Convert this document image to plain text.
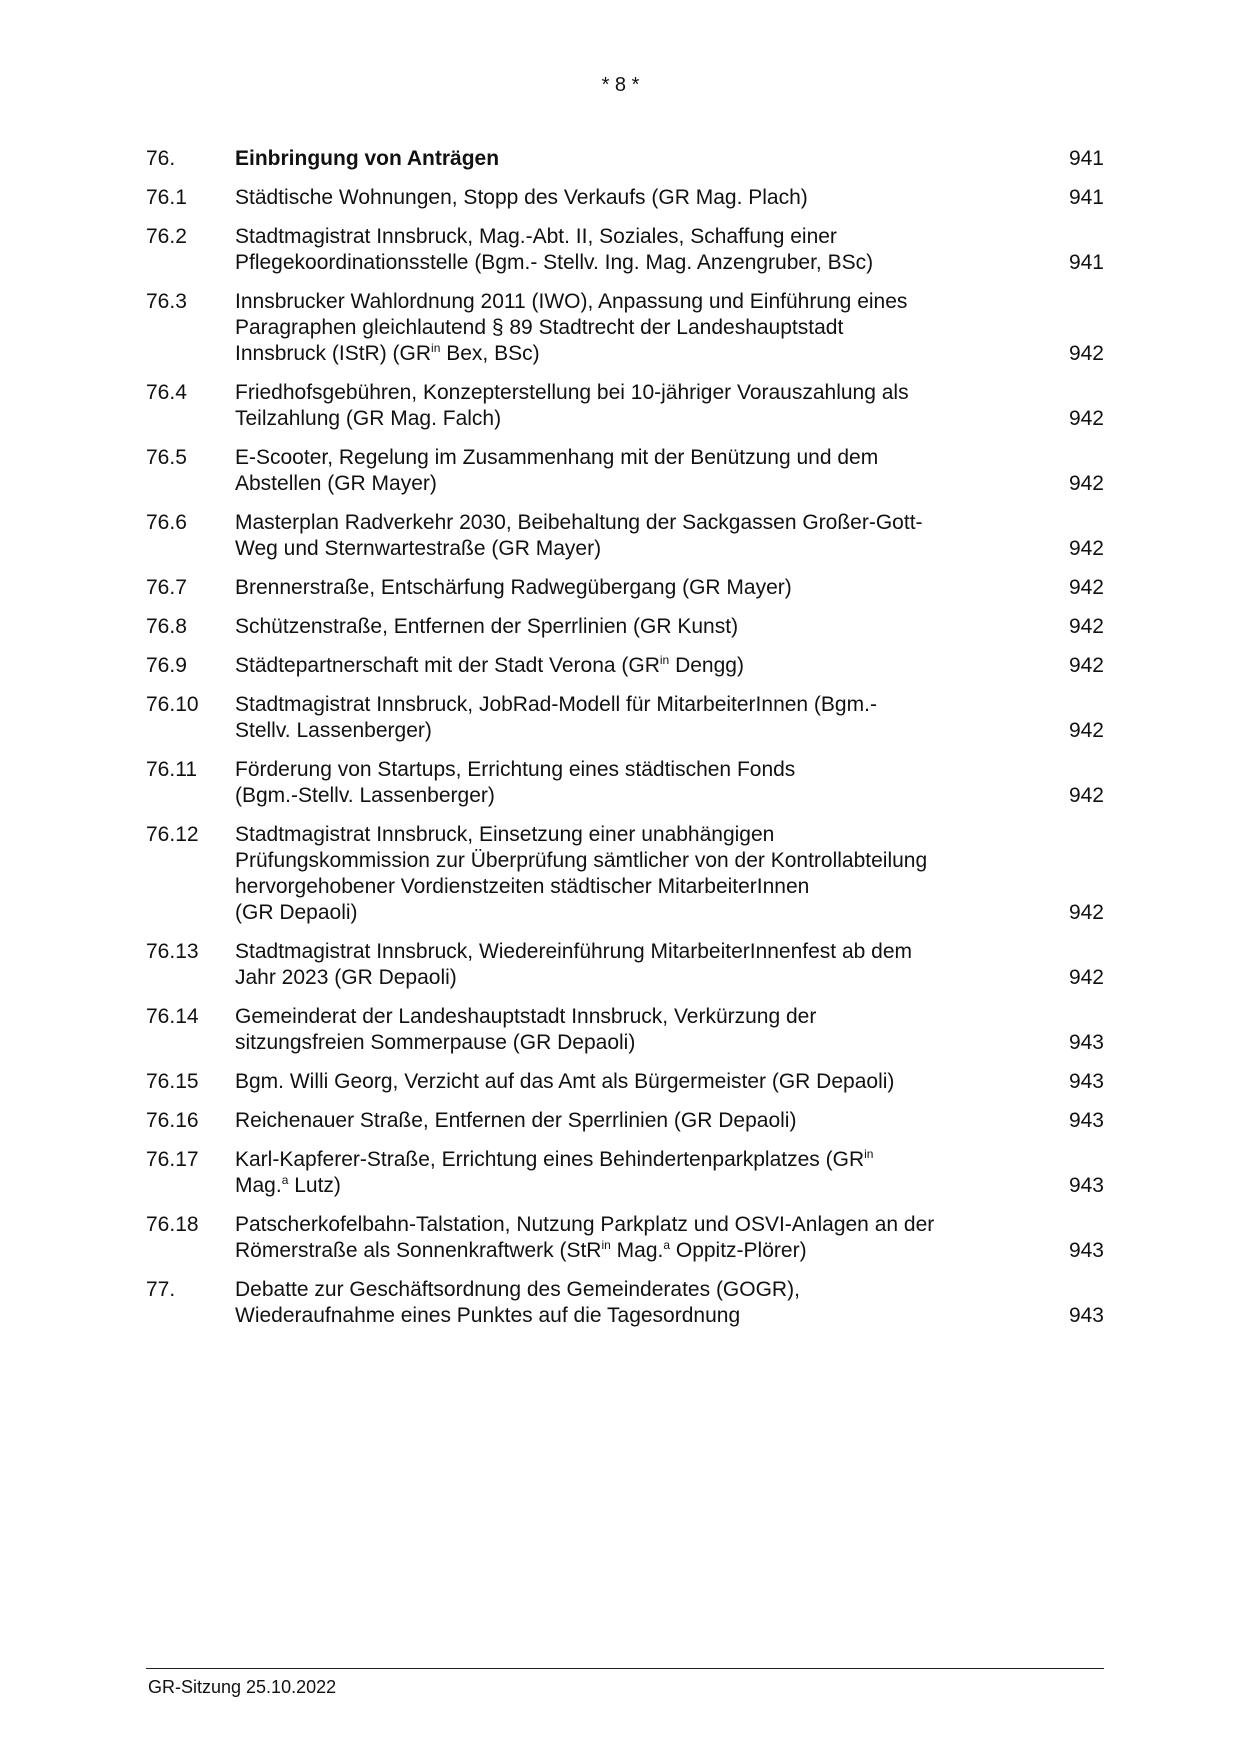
* 8 *
76.	Einbringung von Anträgen	941
76.1	Städtische Wohnungen, Stopp des Verkaufs (GR Mag. Plach)	941
76.2	Stadtmagistrat Innsbruck, Mag.-Abt. II, Soziales, Schaffung einer
Pflegekoordinationsstelle (Bgm.- Stellv. Ing. Mag. Anzengruber, BSc)	941
76.3	Innsbrucker Wahlordnung 2011 (IWO), Anpassung und Einführung eines
Paragraphen gleichlautend § 89 Stadtrecht der Landeshauptstadt
Innsbruck (IStR) ($GR^{in}$ Bex, BSc)	942
76.4	Friedhofsgebühren, Konzepterstellung bei 10-jähriger Vorauszahlung als
Teilzahlung (GR Mag. Falch)	942
76.5	E-Scooter, Regelung im Zusammenhang mit der Benützung und dem
Abstellen (GR Mayer)	942
76.6	Masterplan Radverkehr 2030, Beibehaltung der Sackgassen Großer-Gott-
Weg und Sternwartestraße (GR Mayer)	942
76.7	Brennerstraße, Entschärfung Radwegübergang (GR Mayer)	942
76.8	Schützenstraße, Entfernen der Sperrlinien (GR Kunst)	942
76.9	Städtepartnerschaft mit der Stadt Verona ($GR^{in}$ Dengg)	942
76.10	Stadtmagistrat Innsbruck, JobRad-Modell für MitarbeiterInnen (Bgm.-
Stellv. Lassenberger)	942
76.11	Förderung von Startups, Errichtung eines städtischen Fonds
(Bgm.-Stellv. Lassenberger)	942
76.12	Stadtmagistrat Innsbruck, Einsetzung einer unabhängigen
Prüfungskommission zur Überprüfung sämtlicher von der Kontrollabteilung
hervorgehobener Vordienstzeiten städtischer MitarbeiterInnen
(GR Depaoli)	942
76.13	Stadtmagistrat Innsbruck, Wiedereinführung MitarbeiterInnenfest ab dem
Jahr 2023 (GR Depaoli)	942
76.14	Gemeinderat der Landeshauptstadt Innsbruck, Verkürzung der
sitzungsfreien Sommerpause (GR Depaoli)	943
76.15	Bgm. Willi Georg, Verzicht auf das Amt als Bürgermeister (GR Depaoli)	943
76.16	Reichenauer Straße, Entfernen der Sperrlinien (GR Depaoli)	943
76.17	Karl-Kapferer-Straße, Errichtung eines Behindertenparkplatzes ($GR^{in}$
Mag.$^a$ Lutz)	943
76.18	Patscherkofelbahn-Talstation, Nutzung Parkplatz und OSVI-Anlagen an der
Römerstraße als Sonnenkraftwerk (StR$^{in}$ Mag.$^a$ Oppitz-Plörer)	943
77.	Debatte zur Geschäftsordnung des Gemeinderates (GOGR),
Wiederaufnahme eines Punktes auf die Tagesordnung	943
GR-Sitzung 25.10.2022
